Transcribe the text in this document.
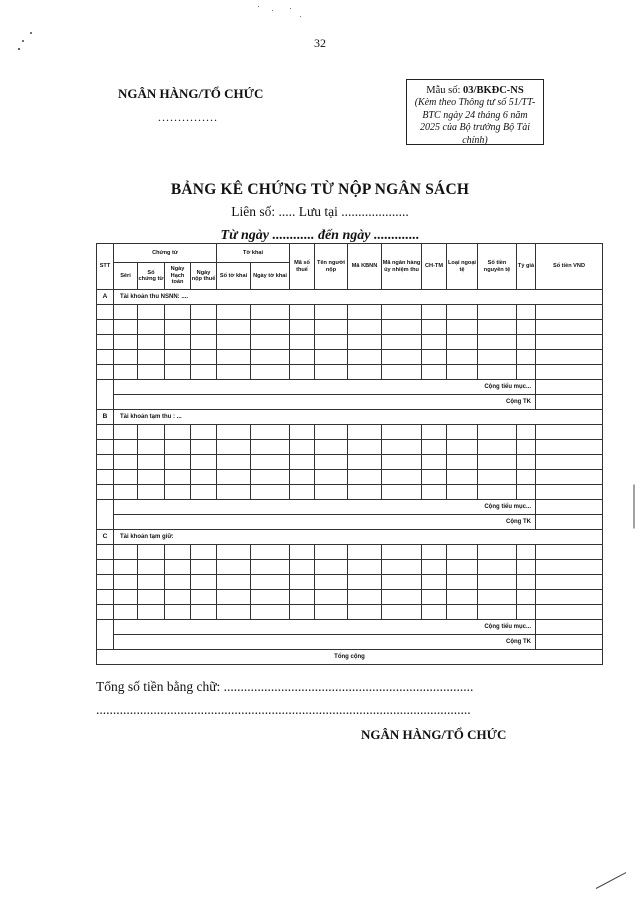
32
NGÂN HÀNG/TỔ CHỨC
...............
Mẫu số: 03/BKĐC-NS
(Kèm theo Thông tư số 51/TT-BTC ngày 24 tháng 6 năm 2025 của Bộ trưởng Bộ Tài chính)
BẢNG KÊ CHỨNG TỪ NỘP NGÂN SÁCH
Liên số: ..... Lưu tại ....................
Từ ngày ............ đến ngày .............
STT	Chứng từ				Tờ khai		Mã số thuế	Tên người nộp	Mã KBNN	Mã ngân hàng ủy nhiệm thu	CH-TM	Loại ngoại tệ	Số tiền nguyên tệ	Tỷ giá	Số tiền VND
	Sêri	Số chứng từ	Ngày Hạch toán	Ngày nộp thuế	Số tờ khai	Ngày tờ khai									
A	Tài khoản thu NSNN: ....														

	Cộng tiểu mục...														
	Cộng TK														
B	Tài khoản tạm thu : ...														

	Cộng tiểu mục...														
	Cộng TK														
C	Tài khoản tạm giữ:														

	Cộng tiểu mục...														
	Cộng TK														
Tổng cộng															
Tổng số tiền bằng chữ: ..........................................................................
...............................................................................................................
NGÂN HÀNG/TỔ CHỨC
